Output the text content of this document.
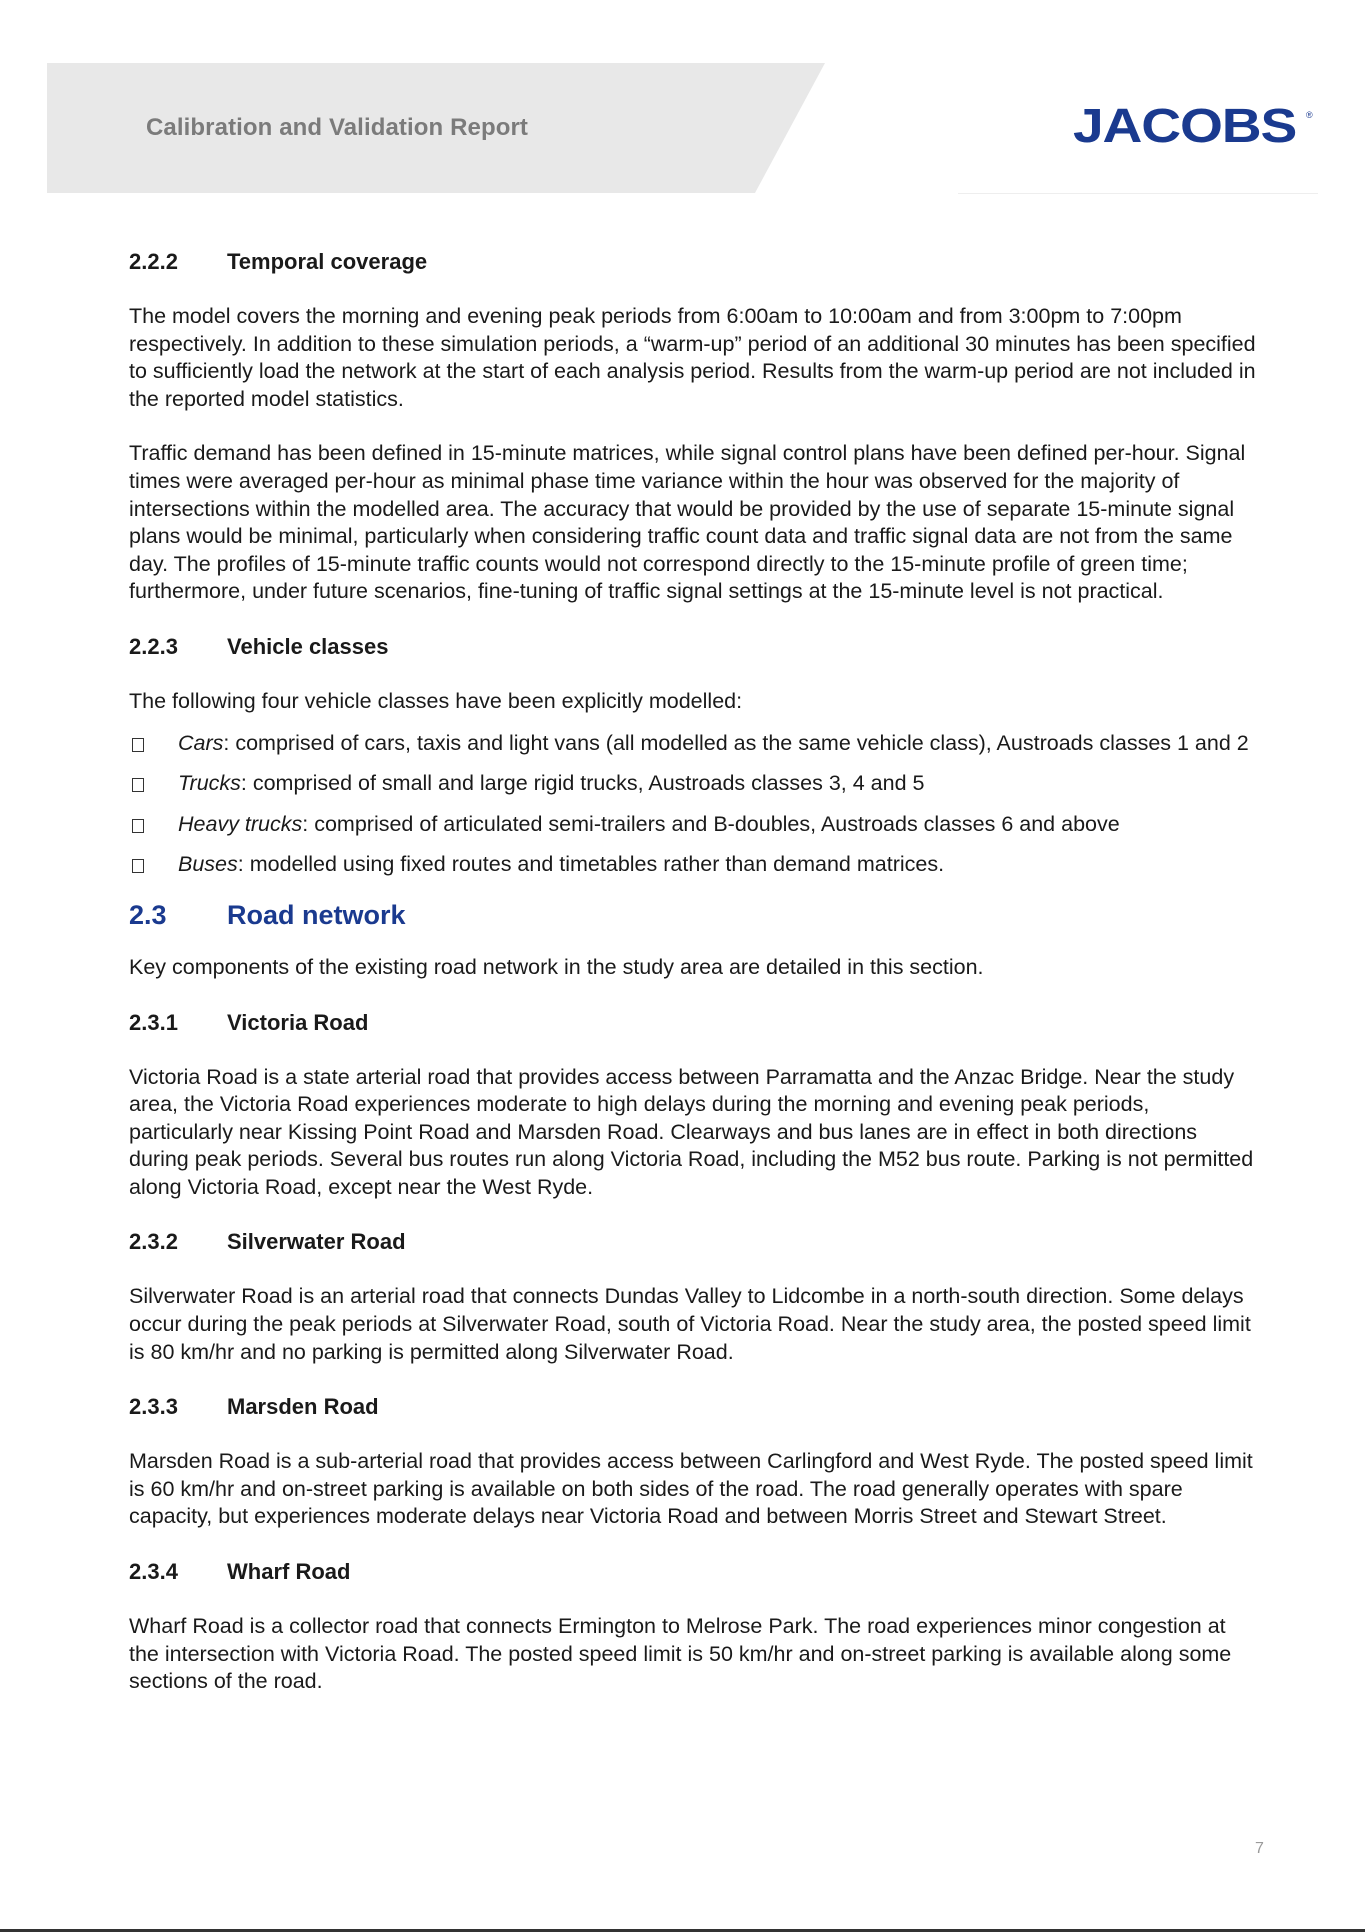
Calibration and Validation Report	JACOBS ®
2.2.2	Temporal coverage

The model covers the morning and evening peak periods from 6:00am to 10:00am and from 3:00pm to 7:00pm respectively. In addition to these simulation periods, a “warm-up” period of an additional 30 minutes has been specified to sufficiently load the network at the start of each analysis period. Results from the warm-up period are not included in the reported model statistics.

Traffic demand has been defined in 15-minute matrices, while signal control plans have been defined per-hour. Signal times were averaged per-hour as minimal phase time variance within the hour was observed for the majority of intersections within the modelled area. The accuracy that would be provided by the use of separate 15-minute signal plans would be minimal, particularly when considering traffic count data and traffic signal data are not from the same day. The profiles of 15-minute traffic counts would not correspond directly to the 15-minute profile of green time; furthermore, under future scenarios, fine-tuning of traffic signal settings at the 15-minute level is not practical.

2.2.3	Vehicle classes

The following four vehicle classes have been explicitly modelled:

Cars: comprised of cars, taxis and light vans (all modelled as the same vehicle class), Austroads classes 1 and 2
Trucks: comprised of small and large rigid trucks, Austroads classes 3, 4 and 5
Heavy trucks: comprised of articulated semi-trailers and B-doubles, Austroads classes 6 and above
Buses: modelled using fixed routes and timetables rather than demand matrices.
2.3	Road network

Key components of the existing road network in the study area are detailed in this section.

2.3.1	Victoria Road

Victoria Road is a state arterial road that provides access between Parramatta and the Anzac Bridge. Near the study area, the Victoria Road experiences moderate to high delays during the morning and evening peak periods, particularly near Kissing Point Road and Marsden Road. Clearways and bus lanes are in effect in both directions during peak periods. Several bus routes run along Victoria Road, including the M52 bus route. Parking is not permitted along Victoria Road, except near the West Ryde.

2.3.2	Silverwater Road

Silverwater Road is an arterial road that connects Dundas Valley to Lidcombe in a north-south direction. Some delays occur during the peak periods at Silverwater Road, south of Victoria Road. Near the study area, the posted speed limit is 80 km/hr and no parking is permitted along Silverwater Road.

2.3.3	Marsden Road

Marsden Road is a sub-arterial road that provides access between Carlingford and West Ryde. The posted speed limit is 60 km/hr and on-street parking is available on both sides of the road. The road generally operates with spare capacity, but experiences moderate delays near Victoria Road and between Morris Street and Stewart Street.

2.3.4	Wharf Road

Wharf Road is a collector road that connects Ermington to Melrose Park. The road experiences minor congestion at the intersection with Victoria Road. The posted speed limit is 50 km/hr and on-street parking is available along some sections of the road.

7
